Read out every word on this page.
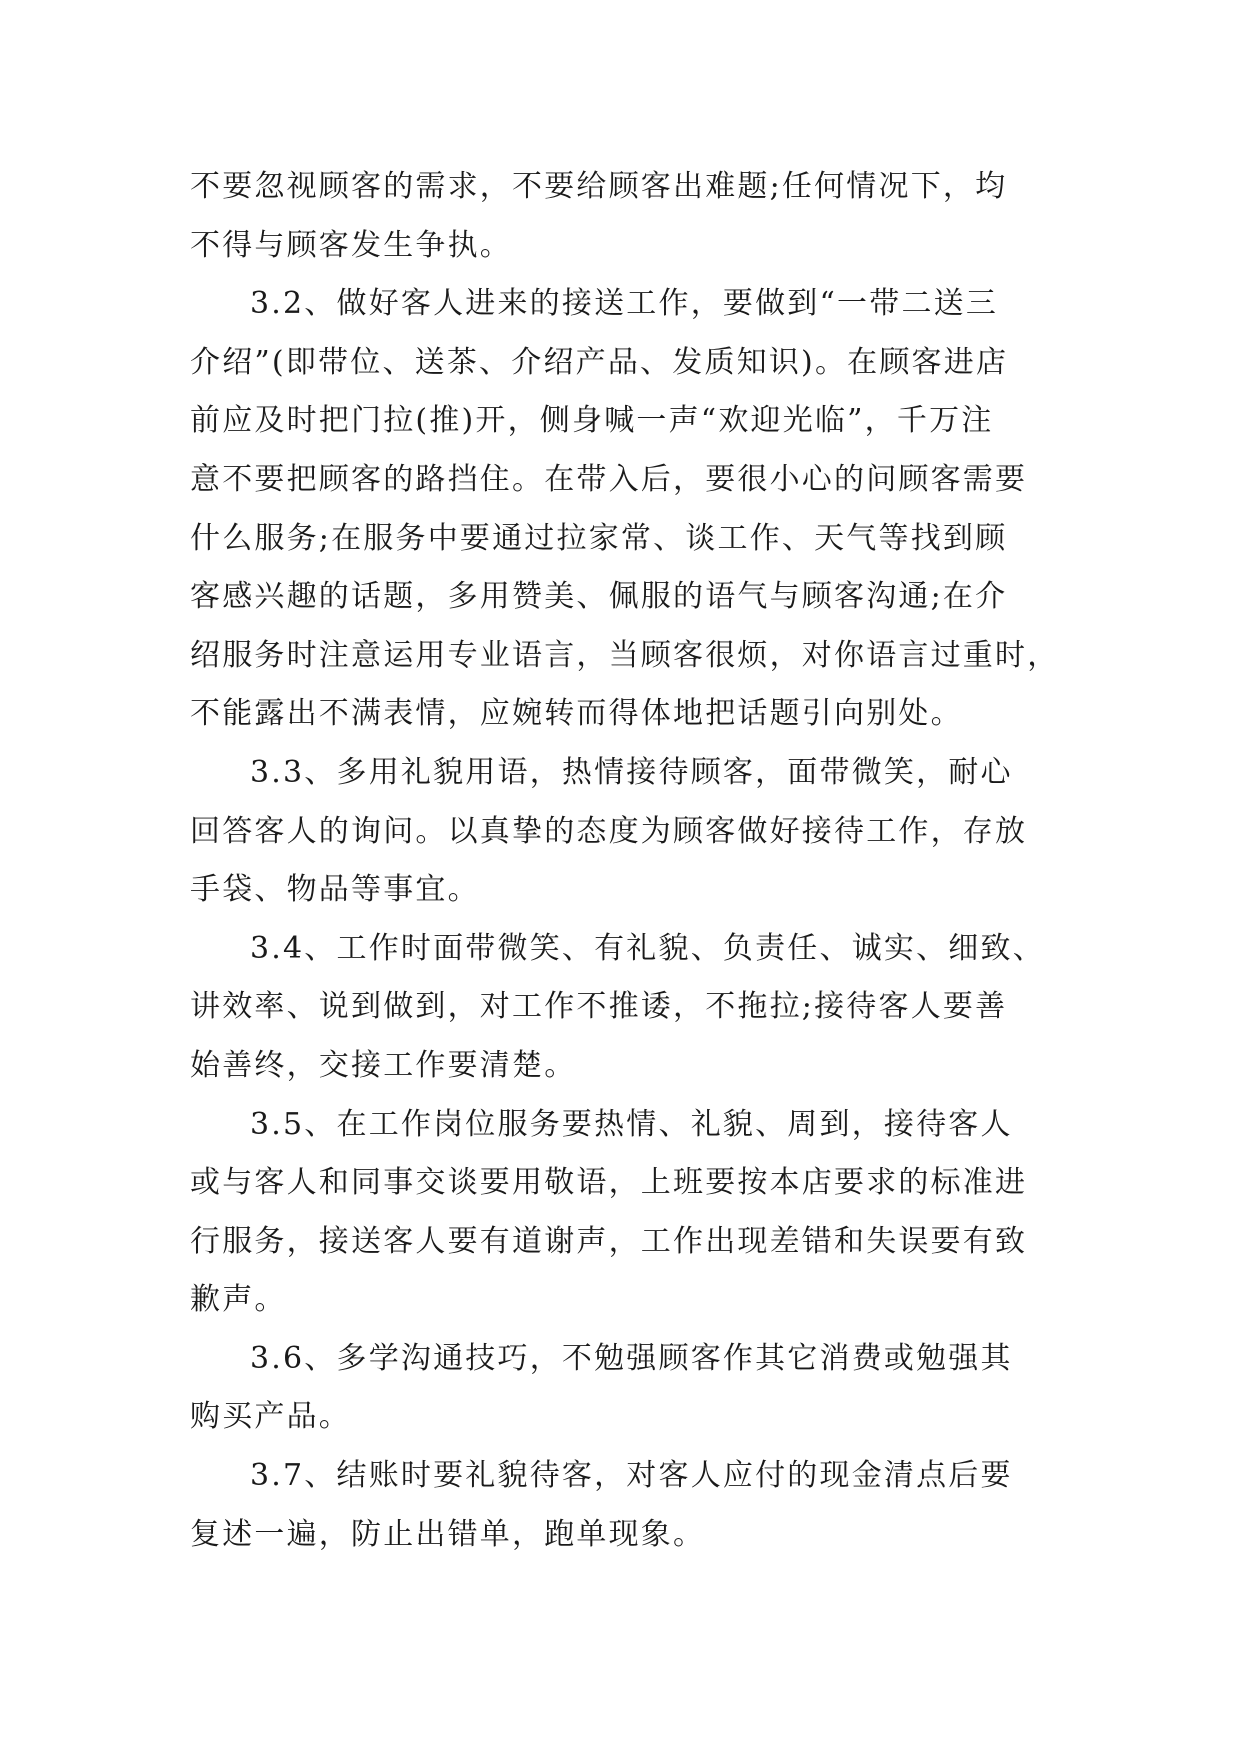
不要忽视顾客的需求，不要给顾客出难题;任何情况下，均
不得与顾客发生争执。
3.2、做好客人进来的接送工作，要做到“一带二送三
介绍”(即带位、送茶、介绍产品、发质知识)。在顾客进店
前应及时把门拉(推)开，侧身喊一声“欢迎光临”，千万注
意不要把顾客的路挡住。在带入后，要很小心的问顾客需要
什么服务;在服务中要通过拉家常、谈工作、天气等找到顾
客感兴趣的话题，多用赞美、佩服的语气与顾客沟通;在介
绍服务时注意运用专业语言，当顾客很烦，对你语言过重时，
不能露出不满表情，应婉转而得体地把话题引向别处。
3.3、多用礼貌用语，热情接待顾客，面带微笑，耐心
回答客人的询问。以真挚的态度为顾客做好接待工作，存放
手袋、物品等事宜。
3.4、工作时面带微笑、有礼貌、负责任、诚实、细致、
讲效率、说到做到，对工作不推诿，不拖拉;接待客人要善
始善终，交接工作要清楚。
3.5、在工作岗位服务要热情、礼貌、周到，接待客人
或与客人和同事交谈要用敬语，上班要按本店要求的标准进
行服务，接送客人要有道谢声，工作出现差错和失误要有致
歉声。
3.6、多学沟通技巧，不勉强顾客作其它消费或勉强其
购买产品。
3.7、结账时要礼貌待客，对客人应付的现金清点后要
复述一遍，防止出错单，跑单现象。
